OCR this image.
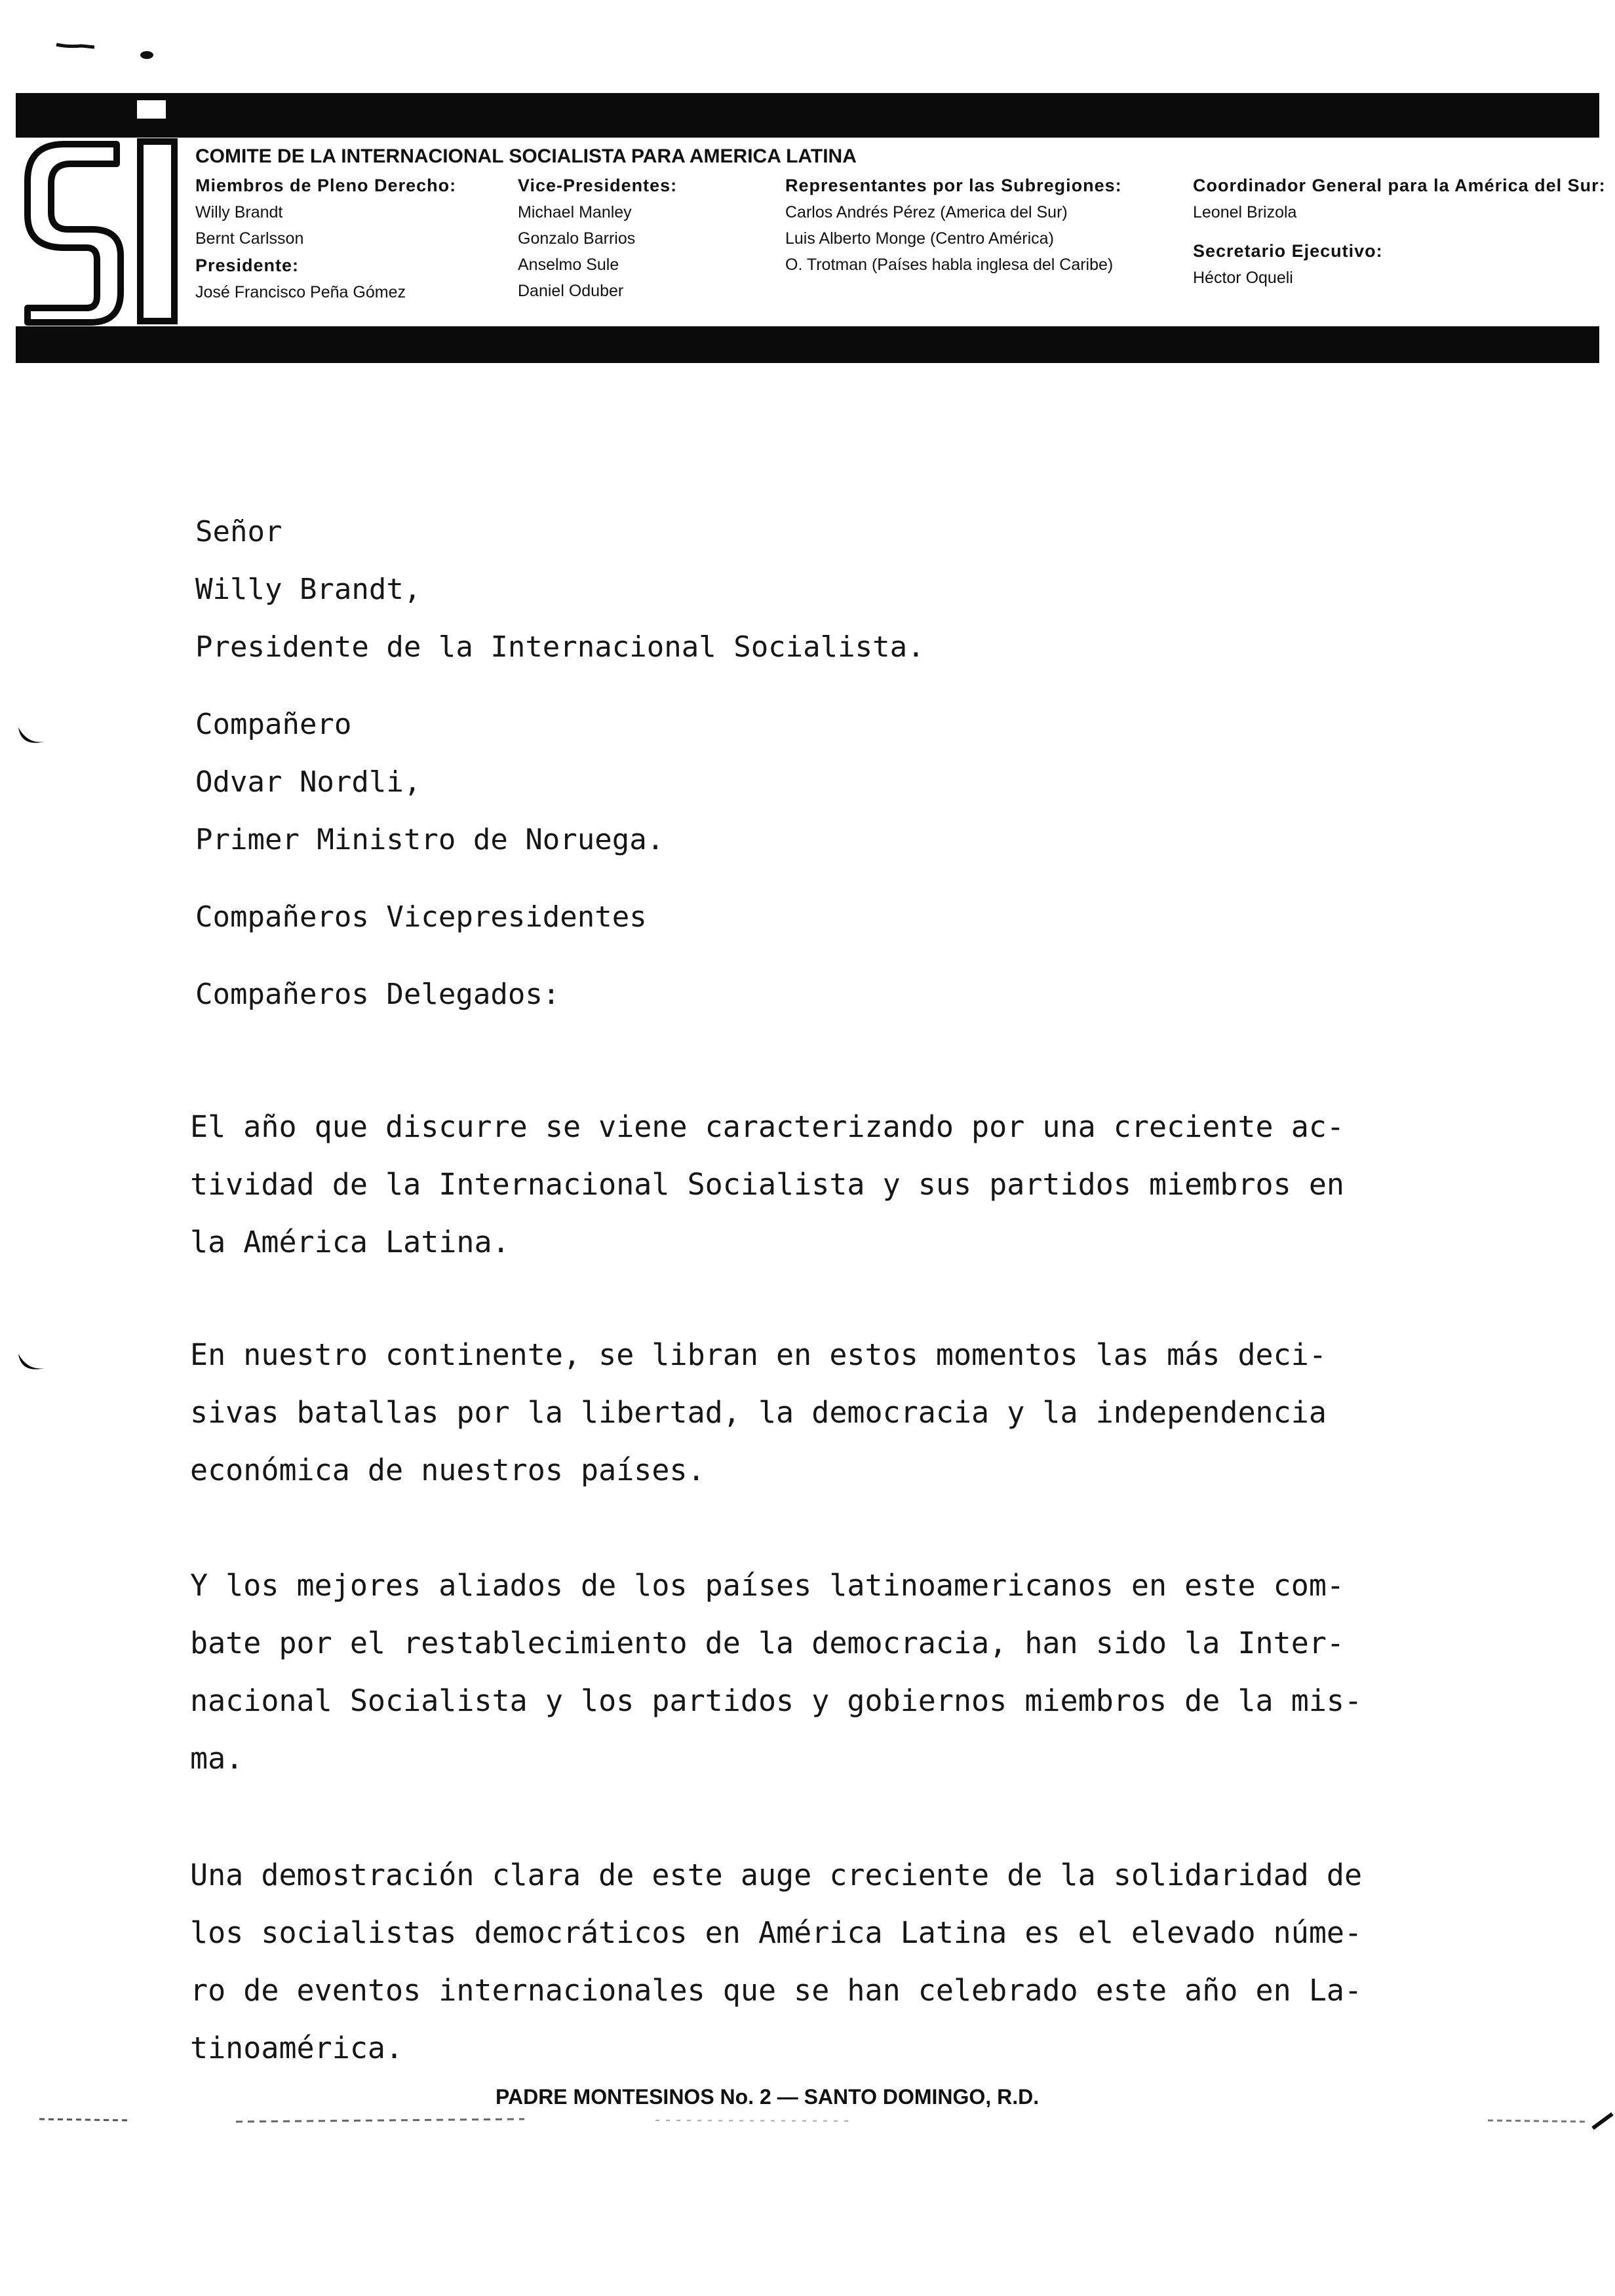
COMITE DE LA INTERNACIONAL SOCIALISTA PARA AMERICA LATINA
Miembros de Pleno Derecho:
Willy Brandt
Bernt Carlsson
Presidente:
José Francisco Peña Gómez
Vice-Presidentes:
Michael Manley
Gonzalo Barrios
Anselmo Sule
Daniel Oduber
Representantes por las Subregiones:
Carlos Andrés Pérez (America del Sur)
Luis Alberto Monge (Centro América)
O. Trotman (Países habla inglesa del Caribe)
Coordinador General para la América del Sur:
Leonel Brizola
Secretario Ejecutivo:
Héctor Oqueli
Señor
Willy Brandt,
Presidente de la Internacional Socialista.
Compañero
Odvar Nordli,
Primer Ministro de Noruega.
Compañeros Vicepresidentes
Compañeros Delegados:
El año que discurre se viene caracterizando por una creciente ac-
tividad de la Internacional Socialista y sus partidos miembros en
la América Latina.
En nuestro continente, se libran en estos momentos las más deci-
sivas batallas por la libertad, la democracia y la independencia
económica de nuestros países.
Y los mejores aliados de los países latinoamericanos en este com-
bate por el restablecimiento de la democracia, han sido la Inter-
nacional Socialista y los partidos y gobiernos miembros de la mis-
ma.
Una demostración clara de este auge creciente de la solidaridad de
los socialistas democráticos en América Latina es el elevado núme-
ro de eventos internacionales que se han celebrado este año en La-
tinoamérica.
PADRE MONTESINOS No. 2 — SANTO DOMINGO, R.D.
